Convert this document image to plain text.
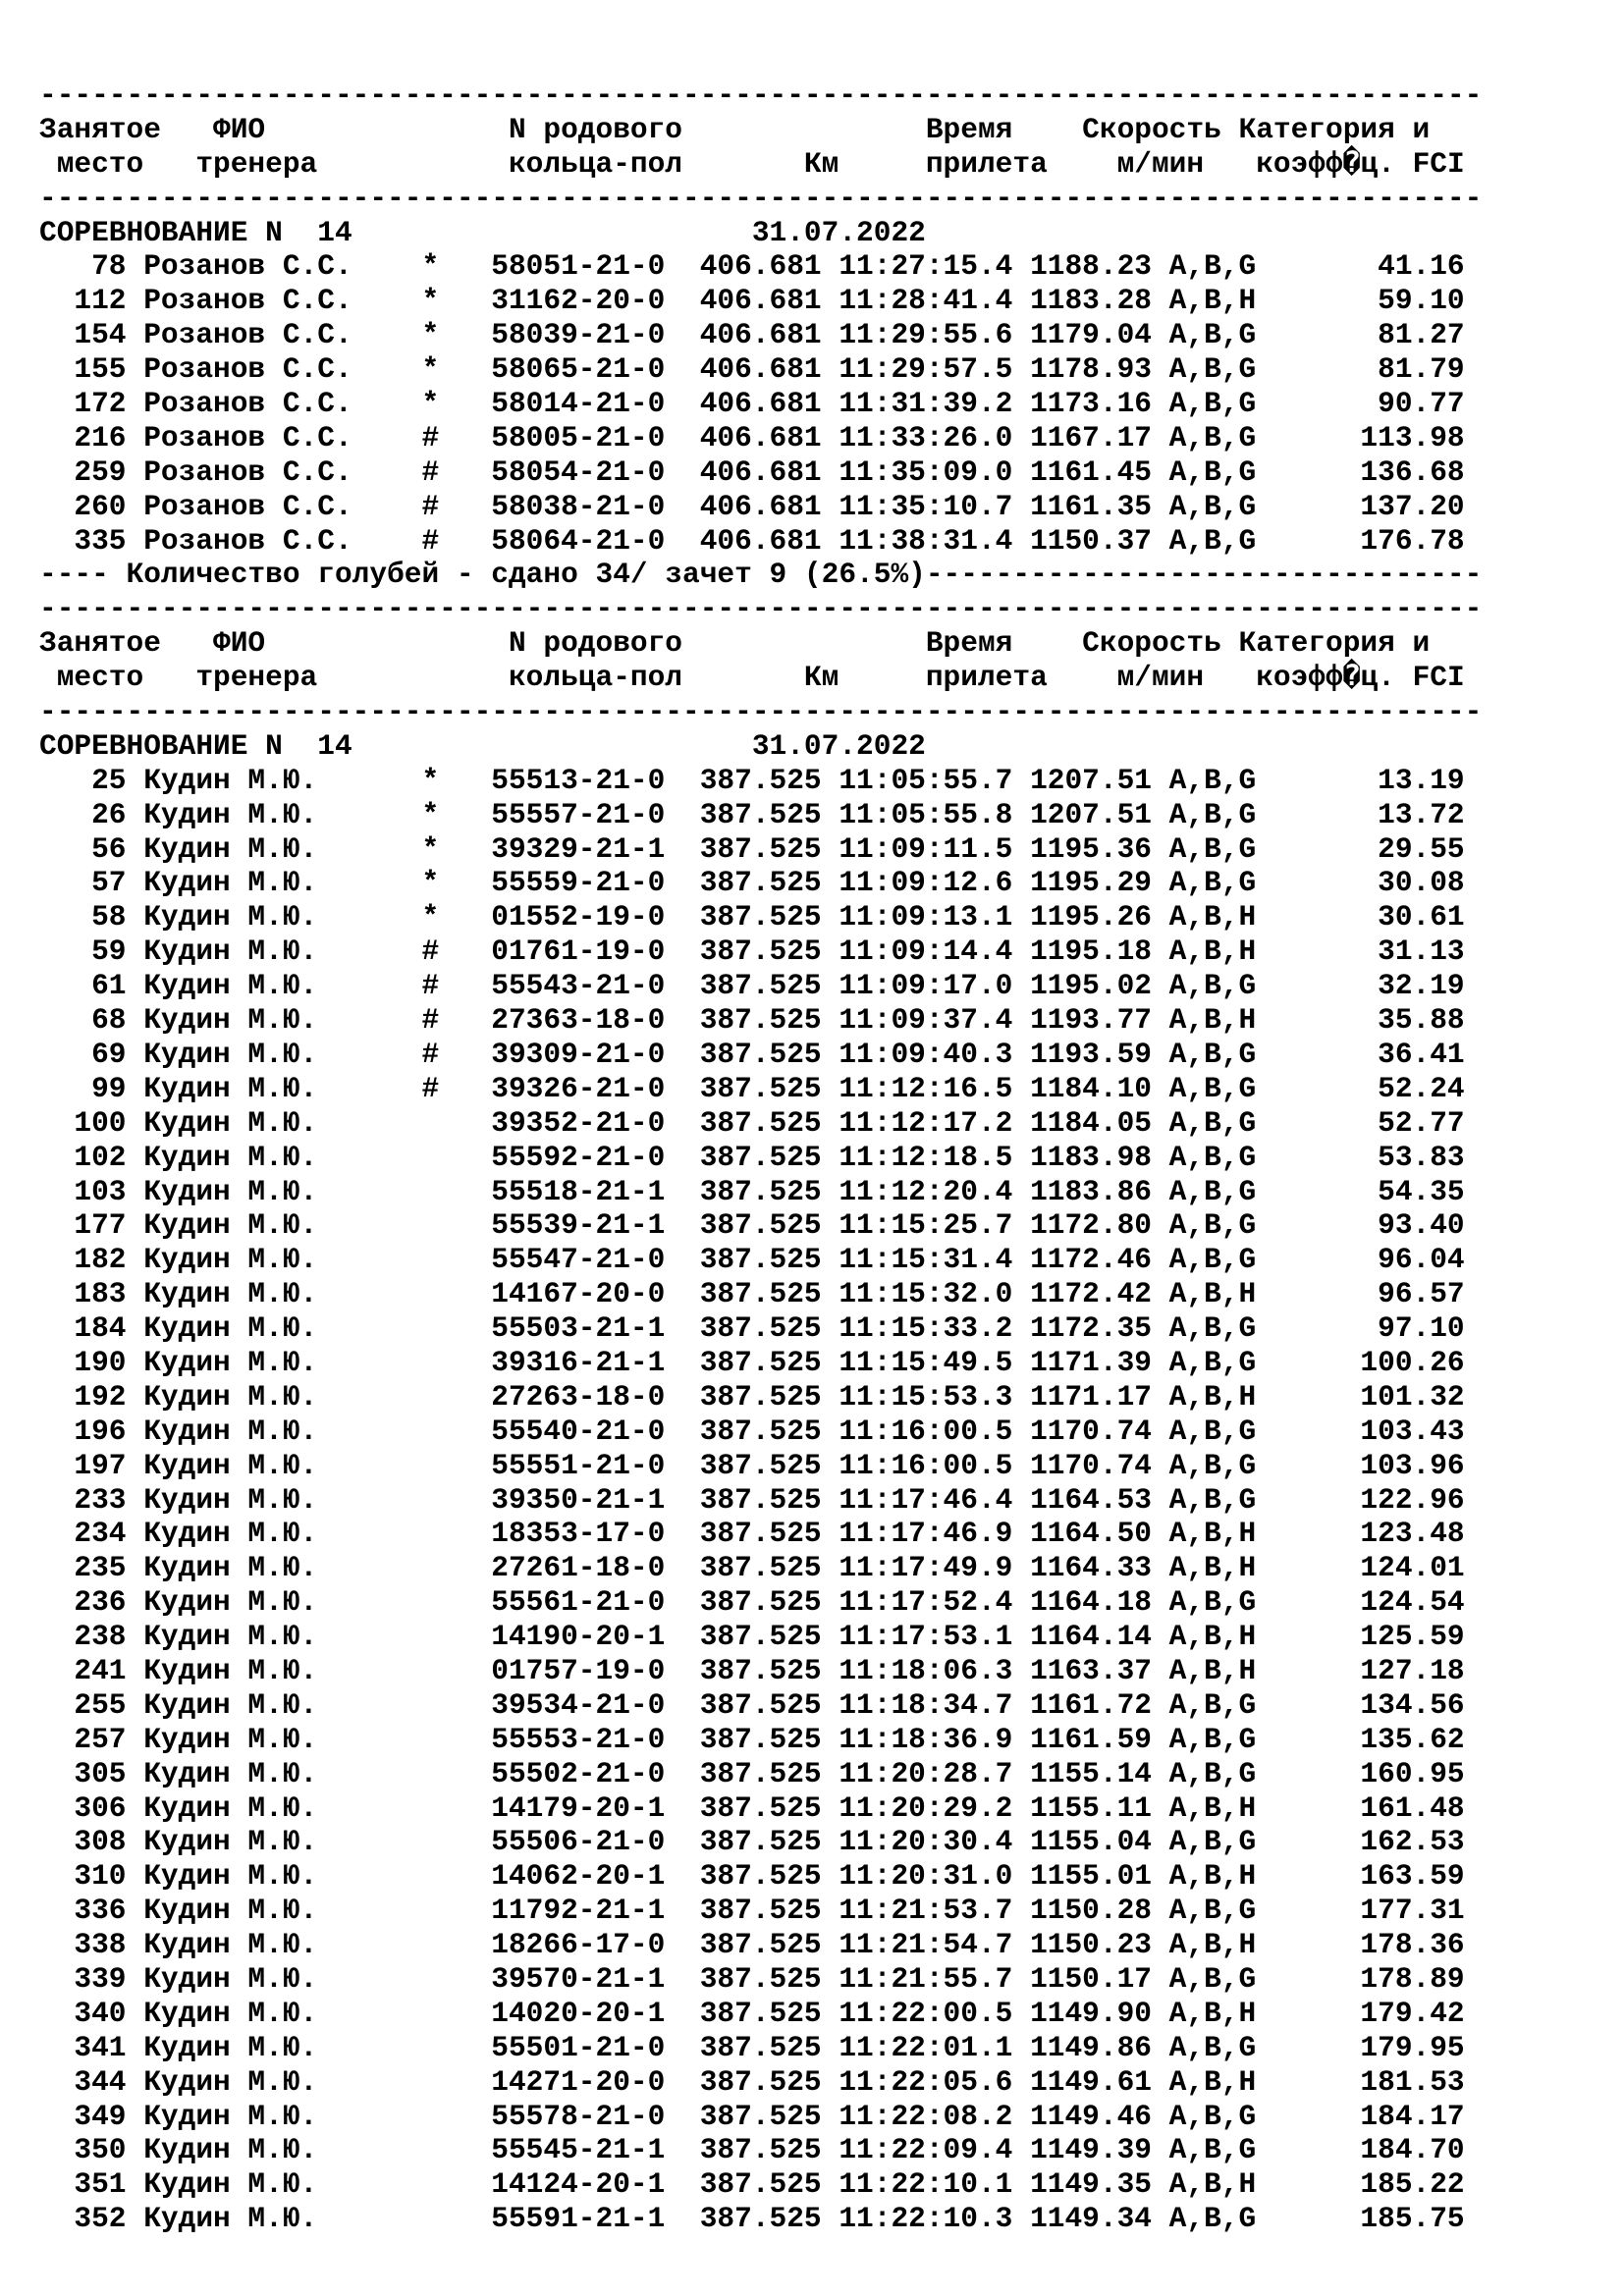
-----------------------------------------------------------------------------------
Занятое   ФИО              N родового              Время    Скорость Категория и
место   тренера           кольца-пол       Км     прилета    м/мин   коэфф�ц. FCI
-----------------------------------------------------------------------------------
СОРЕВНОВАНИЕ N  14                       31.07.2022
78 Розанов С.С.    *   58051-21-0  406.681 11:27:15.4 1188.23 A,B,G       41.16
112 Розанов С.С.    *   31162-20-0  406.681 11:28:41.4 1183.28 A,B,H       59.10
154 Розанов С.С.    *   58039-21-0  406.681 11:29:55.6 1179.04 A,B,G       81.27
155 Розанов С.С.    *   58065-21-0  406.681 11:29:57.5 1178.93 A,B,G       81.79
172 Розанов С.С.    *   58014-21-0  406.681 11:31:39.2 1173.16 A,B,G       90.77
216 Розанов С.С.    #   58005-21-0  406.681 11:33:26.0 1167.17 A,B,G      113.98
259 Розанов С.С.    #   58054-21-0  406.681 11:35:09.0 1161.45 A,B,G      136.68
260 Розанов С.С.    #   58038-21-0  406.681 11:35:10.7 1161.35 A,B,G      137.20
335 Розанов С.С.    #   58064-21-0  406.681 11:38:31.4 1150.37 A,B,G      176.78
---- Количество голубей - сдано 34/ зачет 9 (26.5%)--------------------------------
-----------------------------------------------------------------------------------
Занятое   ФИО              N родового              Время    Скорость Категория и
место   тренера           кольца-пол       Км     прилета    м/мин   коэфф�ц. FCI
-----------------------------------------------------------------------------------
СОРЕВНОВАНИЕ N  14                       31.07.2022
25 Кудин М.Ю.      *   55513-21-0  387.525 11:05:55.7 1207.51 A,B,G       13.19
26 Кудин М.Ю.      *   55557-21-0  387.525 11:05:55.8 1207.51 A,B,G       13.72
56 Кудин М.Ю.      *   39329-21-1  387.525 11:09:11.5 1195.36 A,B,G       29.55
57 Кудин М.Ю.      *   55559-21-0  387.525 11:09:12.6 1195.29 A,B,G       30.08
58 Кудин М.Ю.      *   01552-19-0  387.525 11:09:13.1 1195.26 A,B,H       30.61
59 Кудин М.Ю.      #   01761-19-0  387.525 11:09:14.4 1195.18 A,B,H       31.13
61 Кудин М.Ю.      #   55543-21-0  387.525 11:09:17.0 1195.02 A,B,G       32.19
68 Кудин М.Ю.      #   27363-18-0  387.525 11:09:37.4 1193.77 A,B,H       35.88
69 Кудин М.Ю.      #   39309-21-0  387.525 11:09:40.3 1193.59 A,B,G       36.41
99 Кудин М.Ю.      #   39326-21-0  387.525 11:12:16.5 1184.10 A,B,G       52.24
100 Кудин М.Ю.          39352-21-0  387.525 11:12:17.2 1184.05 A,B,G       52.77
102 Кудин М.Ю.          55592-21-0  387.525 11:12:18.5 1183.98 A,B,G       53.83
103 Кудин М.Ю.          55518-21-1  387.525 11:12:20.4 1183.86 A,B,G       54.35
177 Кудин М.Ю.          55539-21-1  387.525 11:15:25.7 1172.80 A,B,G       93.40
182 Кудин М.Ю.          55547-21-0  387.525 11:15:31.4 1172.46 A,B,G       96.04
183 Кудин М.Ю.          14167-20-0  387.525 11:15:32.0 1172.42 A,B,H       96.57
184 Кудин М.Ю.          55503-21-1  387.525 11:15:33.2 1172.35 A,B,G       97.10
190 Кудин М.Ю.          39316-21-1  387.525 11:15:49.5 1171.39 A,B,G      100.26
192 Кудин М.Ю.          27263-18-0  387.525 11:15:53.3 1171.17 A,B,H      101.32
196 Кудин М.Ю.          55540-21-0  387.525 11:16:00.5 1170.74 A,B,G      103.43
197 Кудин М.Ю.          55551-21-0  387.525 11:16:00.5 1170.74 A,B,G      103.96
233 Кудин М.Ю.          39350-21-1  387.525 11:17:46.4 1164.53 A,B,G      122.96
234 Кудин М.Ю.          18353-17-0  387.525 11:17:46.9 1164.50 A,B,H      123.48
235 Кудин М.Ю.          27261-18-0  387.525 11:17:49.9 1164.33 A,B,H      124.01
236 Кудин М.Ю.          55561-21-0  387.525 11:17:52.4 1164.18 A,B,G      124.54
238 Кудин М.Ю.          14190-20-1  387.525 11:17:53.1 1164.14 A,B,H      125.59
241 Кудин М.Ю.          01757-19-0  387.525 11:18:06.3 1163.37 A,B,H      127.18
255 Кудин М.Ю.          39534-21-0  387.525 11:18:34.7 1161.72 A,B,G      134.56
257 Кудин М.Ю.          55553-21-0  387.525 11:18:36.9 1161.59 A,B,G      135.62
305 Кудин М.Ю.          55502-21-0  387.525 11:20:28.7 1155.14 A,B,G      160.95
306 Кудин М.Ю.          14179-20-1  387.525 11:20:29.2 1155.11 A,B,H      161.48
308 Кудин М.Ю.          55506-21-0  387.525 11:20:30.4 1155.04 A,B,G      162.53
310 Кудин М.Ю.          14062-20-1  387.525 11:20:31.0 1155.01 A,B,H      163.59
336 Кудин М.Ю.          11792-21-1  387.525 11:21:53.7 1150.28 A,B,G      177.31
338 Кудин М.Ю.          18266-17-0  387.525 11:21:54.7 1150.23 A,B,H      178.36
339 Кудин М.Ю.          39570-21-1  387.525 11:21:55.7 1150.17 A,B,G      178.89
340 Кудин М.Ю.          14020-20-1  387.525 11:22:00.5 1149.90 A,B,H      179.42
341 Кудин М.Ю.          55501-21-0  387.525 11:22:01.1 1149.86 A,B,G      179.95
344 Кудин М.Ю.          14271-20-0  387.525 11:22:05.6 1149.61 A,B,H      181.53
349 Кудин М.Ю.          55578-21-0  387.525 11:22:08.2 1149.46 A,B,G      184.17
350 Кудин М.Ю.          55545-21-1  387.525 11:22:09.4 1149.39 A,B,G      184.70
351 Кудин М.Ю.          14124-20-1  387.525 11:22:10.1 1149.35 A,B,H      185.22
352 Кудин М.Ю.          55591-21-1  387.525 11:22:10.3 1149.34 A,B,G      185.75
